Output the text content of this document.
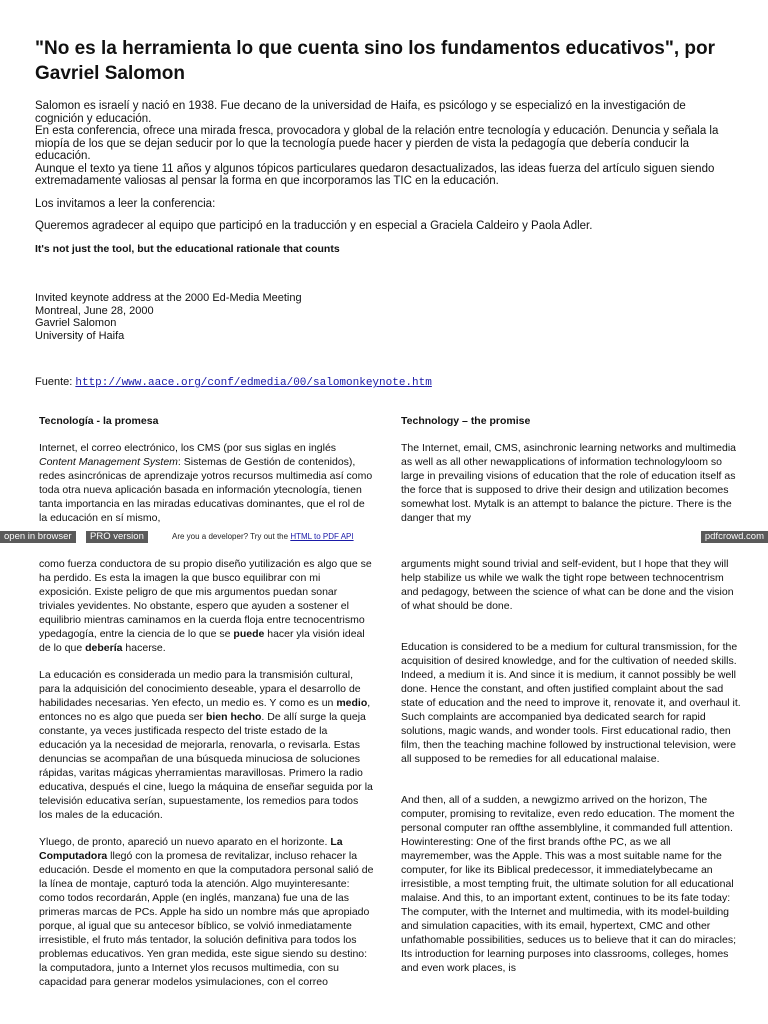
"No es la herramienta lo que cuenta sino los fundamentos educativos", por Gavriel Salomon

Salomon es israelí y nació en 1938. Fue decano de la universidad de Haifa, es psicólogo y se especializó en la investigación de cognición y educación.

En esta conferencia, ofrece una mirada fresca, provocadora y global de la relación entre tecnología y educación. Denuncia y señala la miopía de los que se dejan seducir por lo que la tecnología puede hacer y pierden de vista la pedagogía que debería conducir la educación.

Aunque el texto ya tiene 11 años y algunos tópicos particulares quedaron desactualizados, las ideas fuerza del artículo siguen siendo extremadamente valiosas al pensar la forma en que incorporamos las TIC en la educación.

Los invitamos a leer la conferencia:

Queremos agradecer al equipo que participó en la traducción y en especial a Graciela Caldeiro y Paola Adler.

It's not just the tool, but the educational rationale that counts

Invited keynote address at the 2000 Ed-Media Meeting
Montreal, June 28, 2000
Gavriel Salomon
University of Haifa
Fuente: http://www.aace.org/conf/edmedia/00/salomonkeynote.htm

Tecnología - la promesa

Internet, el correo electrónico, los CMS (por sus siglas en inglés Content Management System: Sistemas de Gestión de contenidos), redes asincrónicas de aprendizaje yotros recursos multimedia así como toda otra nueva aplicación basada en información ytecnología, tienen tanta importancia en las miradas educativas dominantes, que el rol de la educación en sí mismo,

Technology – the promise

The Internet, email, CMS, asinchronic learning networks and multimedia as well as all other newapplications of information technologyloom so large in prevailing visions of education that the role of education itself as the force that is supposed to drive their design and utilization becomes somewhat lost. Mytalk is an attempt to balance the picture. There is the danger that my

open in browser	PRO version	Are you a developer? Try out the HTML to PDF API	pdfcrowd.com

como fuerza conductora de su propio diseño yutilización es algo que se ha perdido. Es esta la imagen la que busco equilibrar con mi exposición. Existe peligro de que mis argumentos puedan sonar triviales yevidentes. No obstante, espero que ayuden a sostener el equilibrio mientras caminamos en la cuerda floja entre tecnocentrismo ypedagogía, entre la ciencia de lo que se puede hacer yla visión ideal de lo que debería hacerse.

La educación es considerada un medio para la transmisión cultural, para la adquisición del conocimiento deseable, ypara el desarrollo de habilidades necesarias. Yen efecto, un medio es. Y como es un medio, entonces no es algo que pueda ser bien hecho. De allí surge la queja constante, ya veces justificada respecto del triste estado de la educación ya la necesidad de mejorarla, renovarla, o revisarla. Estas denuncias se acompañan de una búsqueda minuciosa de soluciones rápidas, varitas mágicas yherramientas maravillosas. Primero la radio educativa, después el cine, luego la máquina de enseñar seguida por la televisión educativa serían, supuestamente, los remedios para todos los males de la educación.

Yluego, de pronto, apareció un nuevo aparato en el horizonte. La Computadora llegó con la promesa de revitalizar, incluso rehacer la educación. Desde el momento en que la computadora personal salió de la línea de montaje, capturó toda la atención. Algo muyinteresante: como todos recordarán, Apple (en inglés, manzana) fue una de las primeras marcas de PCs. Apple ha sido un nombre más que apropiado porque, al igual que su antecesor bíblico, se volvió inmediatamente irresistible, el fruto más tentador, la solución definitiva para todos los problemas educativos. Yen gran medida, este sigue siendo su destino: la computadora, junto a Internet ylos recusos multimedia, con su capacidad para generar modelos ysimulaciones, con el correo

arguments might sound trivial and self-evident, but I hope that they will help stabilize us while we walk the tight rope between technocentrism and pedagogy, between the science of what can be done and the vision of what should be done.

Education is considered to be a medium for cultural transmission, for the acquisition of desired knowledge, and for the cultivation of needed skills. Indeed, a medium it is. And since it is medium, it cannot possibly be well done. Hence the constant, and often justified complaint about the sad state of education and the need to improve it, renovate it, and overhaul it. Such complaints are accompanied bya dedicated search for rapid solutions, magic wands, and wonder tools. First educational radio, then film, then the teaching machine followed by instructional television, were all supposed to be remedies for all educational malaise.

And then, all of a sudden, a newgizmo arrived on the horizon, The computer, promising to revitalize, even redo education. The moment the personal computer ran offthe assemblyline, it commanded full attention. Howinteresting: One of the first brands ofthe PC, as we all mayremember, was the Apple. This was a most suitable name for the computer, for like its Biblical predecessor, it immediatelybecame an irresistible, a most tempting fruit, the ultimate solution for all educational malaise. And this, to an important extent, continues to be its fate today: The computer, with the Internet and multimedia, with its model-building and simulation capacities, with its email, hypertext, CMC and other unfathomable possibilities, seduces us to believe that it can do miracles; Its introduction for learning purposes into classrooms, colleges, homes and even work places, is
